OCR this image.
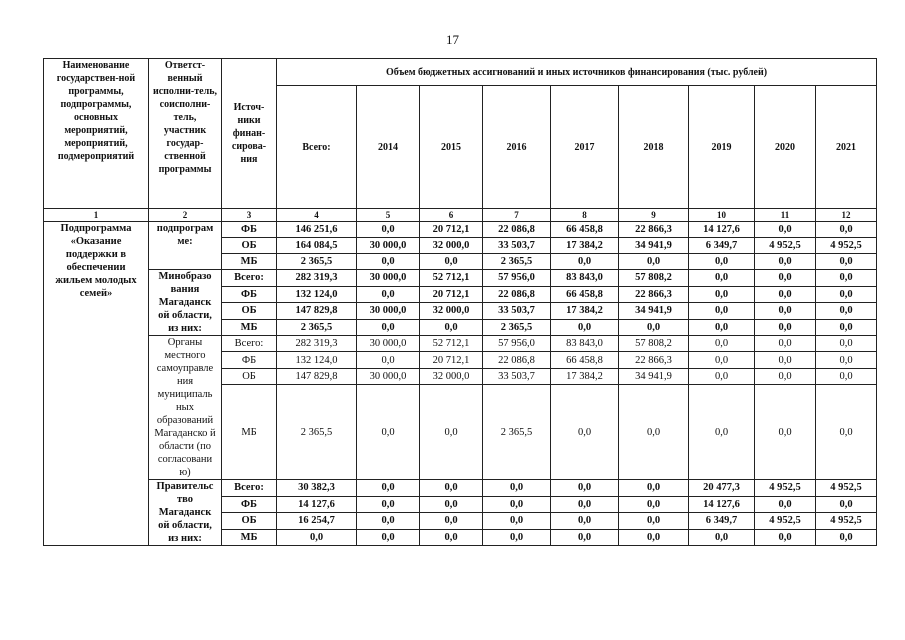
17
Наименование государствен-ной программы, подпрограммы, основных мероприятий, мероприятий, подмероприятий	Ответст-венный исполни-тель, соисполни-тель, участник государ-ственной программы	Источ-ники финан-сирова-ния	Объем бюджетных ассигнований и иных источников финансирования (тыс. рублей)								
			Всего:	2014	2015	2016	2017	2018	2019	2020	2021
1	2	3	4	5	6	7	8	9	10	11	12
Подпрограмма «Оказание поддержки в обеспечении жильем молодых семей»	подпрограм ме:	ФБ	146 251,6	0,0	20 712,1	22 086,8	66 458,8	22 866,3	14 127,6	0,0	0,0
		ОБ	164 084,5	30 000,0	32 000,0	33 503,7	17 384,2	34 941,9	6 349,7	4 952,5	4 952,5
		МБ	2 365,5	0,0	0,0	2 365,5	0,0	0,0	0,0	0,0	0,0
	Минобразо вания Магаданск ой области, из них:	Всего:	282 319,3	30 000,0	52 712,1	57 956,0	83 843,0	57 808,2	0,0	0,0	0,0
		ФБ	132 124,0	0,0	20 712,1	22 086,8	66 458,8	22 866,3	0,0	0,0	0,0
		ОБ	147 829,8	30 000,0	32 000,0	33 503,7	17 384,2	34 941,9	0,0	0,0	0,0
		МБ	2 365,5	0,0	0,0	2 365,5	0,0	0,0	0,0	0,0	0,0
	Органы местного самоуправле ния муниципаль ных образований Магаданско й области (по согласовани ю)	Всего:	282 319,3	30 000,0	52 712,1	57 956,0	83 843,0	57 808,2	0,0	0,0	0,0
		ФБ	132 124,0	0,0	20 712,1	22 086,8	66 458,8	22 866,3	0,0	0,0	0,0
		ОБ	147 829,8	30 000,0	32 000,0	33 503,7	17 384,2	34 941,9	0,0	0,0	0,0
		МБ	2 365,5	0,0	0,0	2 365,5	0,0	0,0	0,0	0,0	0,0
	Правительс тво Магаданск ой области, из них:	Всего:	30 382,3	0,0	0,0	0,0	0,0	0,0	20 477,3	4 952,5	4 952,5
		ФБ	14 127,6	0,0	0,0	0,0	0,0	0,0	14 127,6	0,0	0,0
		ОБ	16 254,7	0,0	0,0	0,0	0,0	0,0	6 349,7	4 952,5	4 952,5
		МБ	0,0	0,0	0,0	0,0	0,0	0,0	0,0	0,0	0,0
